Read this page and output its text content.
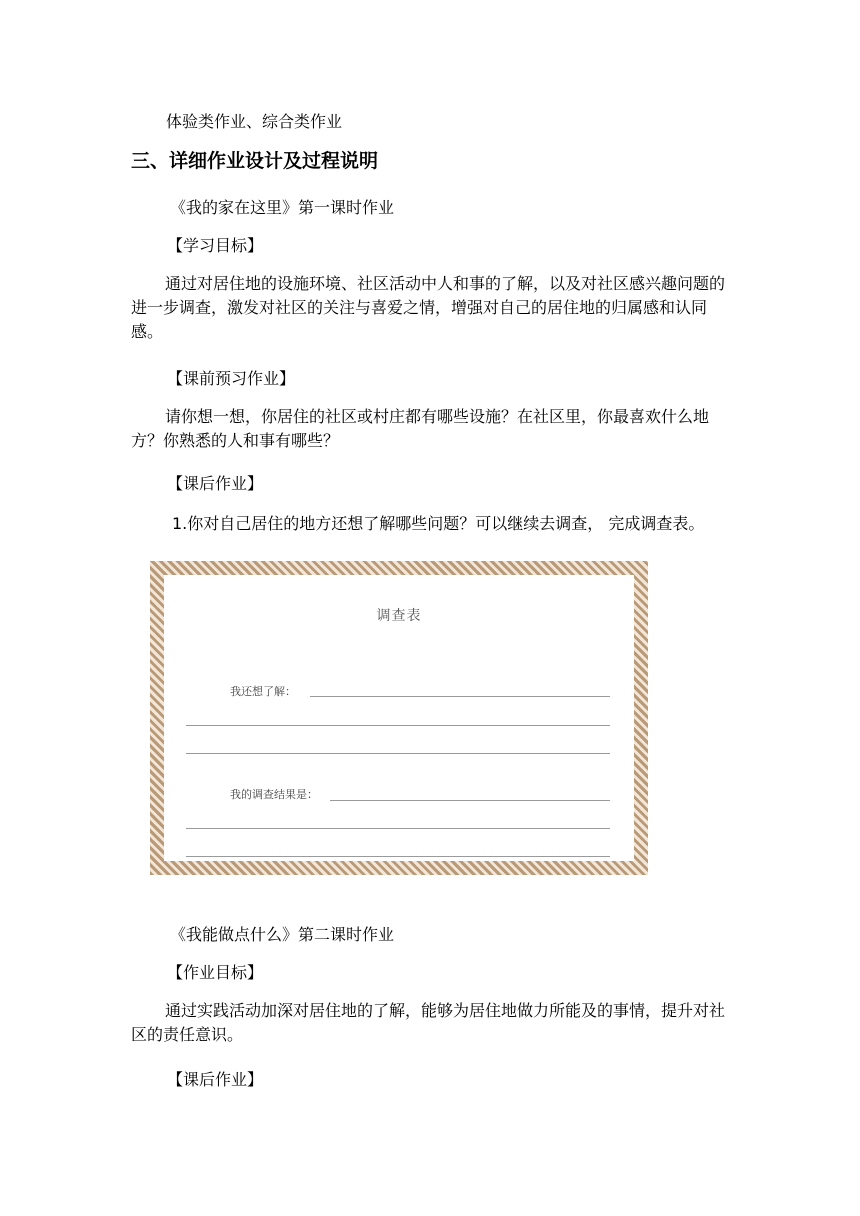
体验类作业、综合类作业
三、详细作业设计及过程说明
《我的家在这里》第一课时作业
【学习目标】
通过对居住地的设施环境、社区活动中人和事的了解，以及对社区感兴趣问题的进一步调查，激发对社区的关注与喜爱之情，增强对自己的居住地的归属感和认同感。
【课前预习作业】
请你想一想，你居住的社区或村庄都有哪些设施？在社区里，你最喜欢什么地方？你熟悉的人和事有哪些？
【课后作业】
1.你对自己居住的地方还想了解哪些问题？可以继续去调查， 完成调查表。
调查表
我还想了解：
我的调查结果是：
《我能做点什么》第二课时作业
【作业目标】
通过实践活动加深对居住地的了解，能够为居住地做力所能及的事情，提升对社区的责任意识。
【课后作业】
